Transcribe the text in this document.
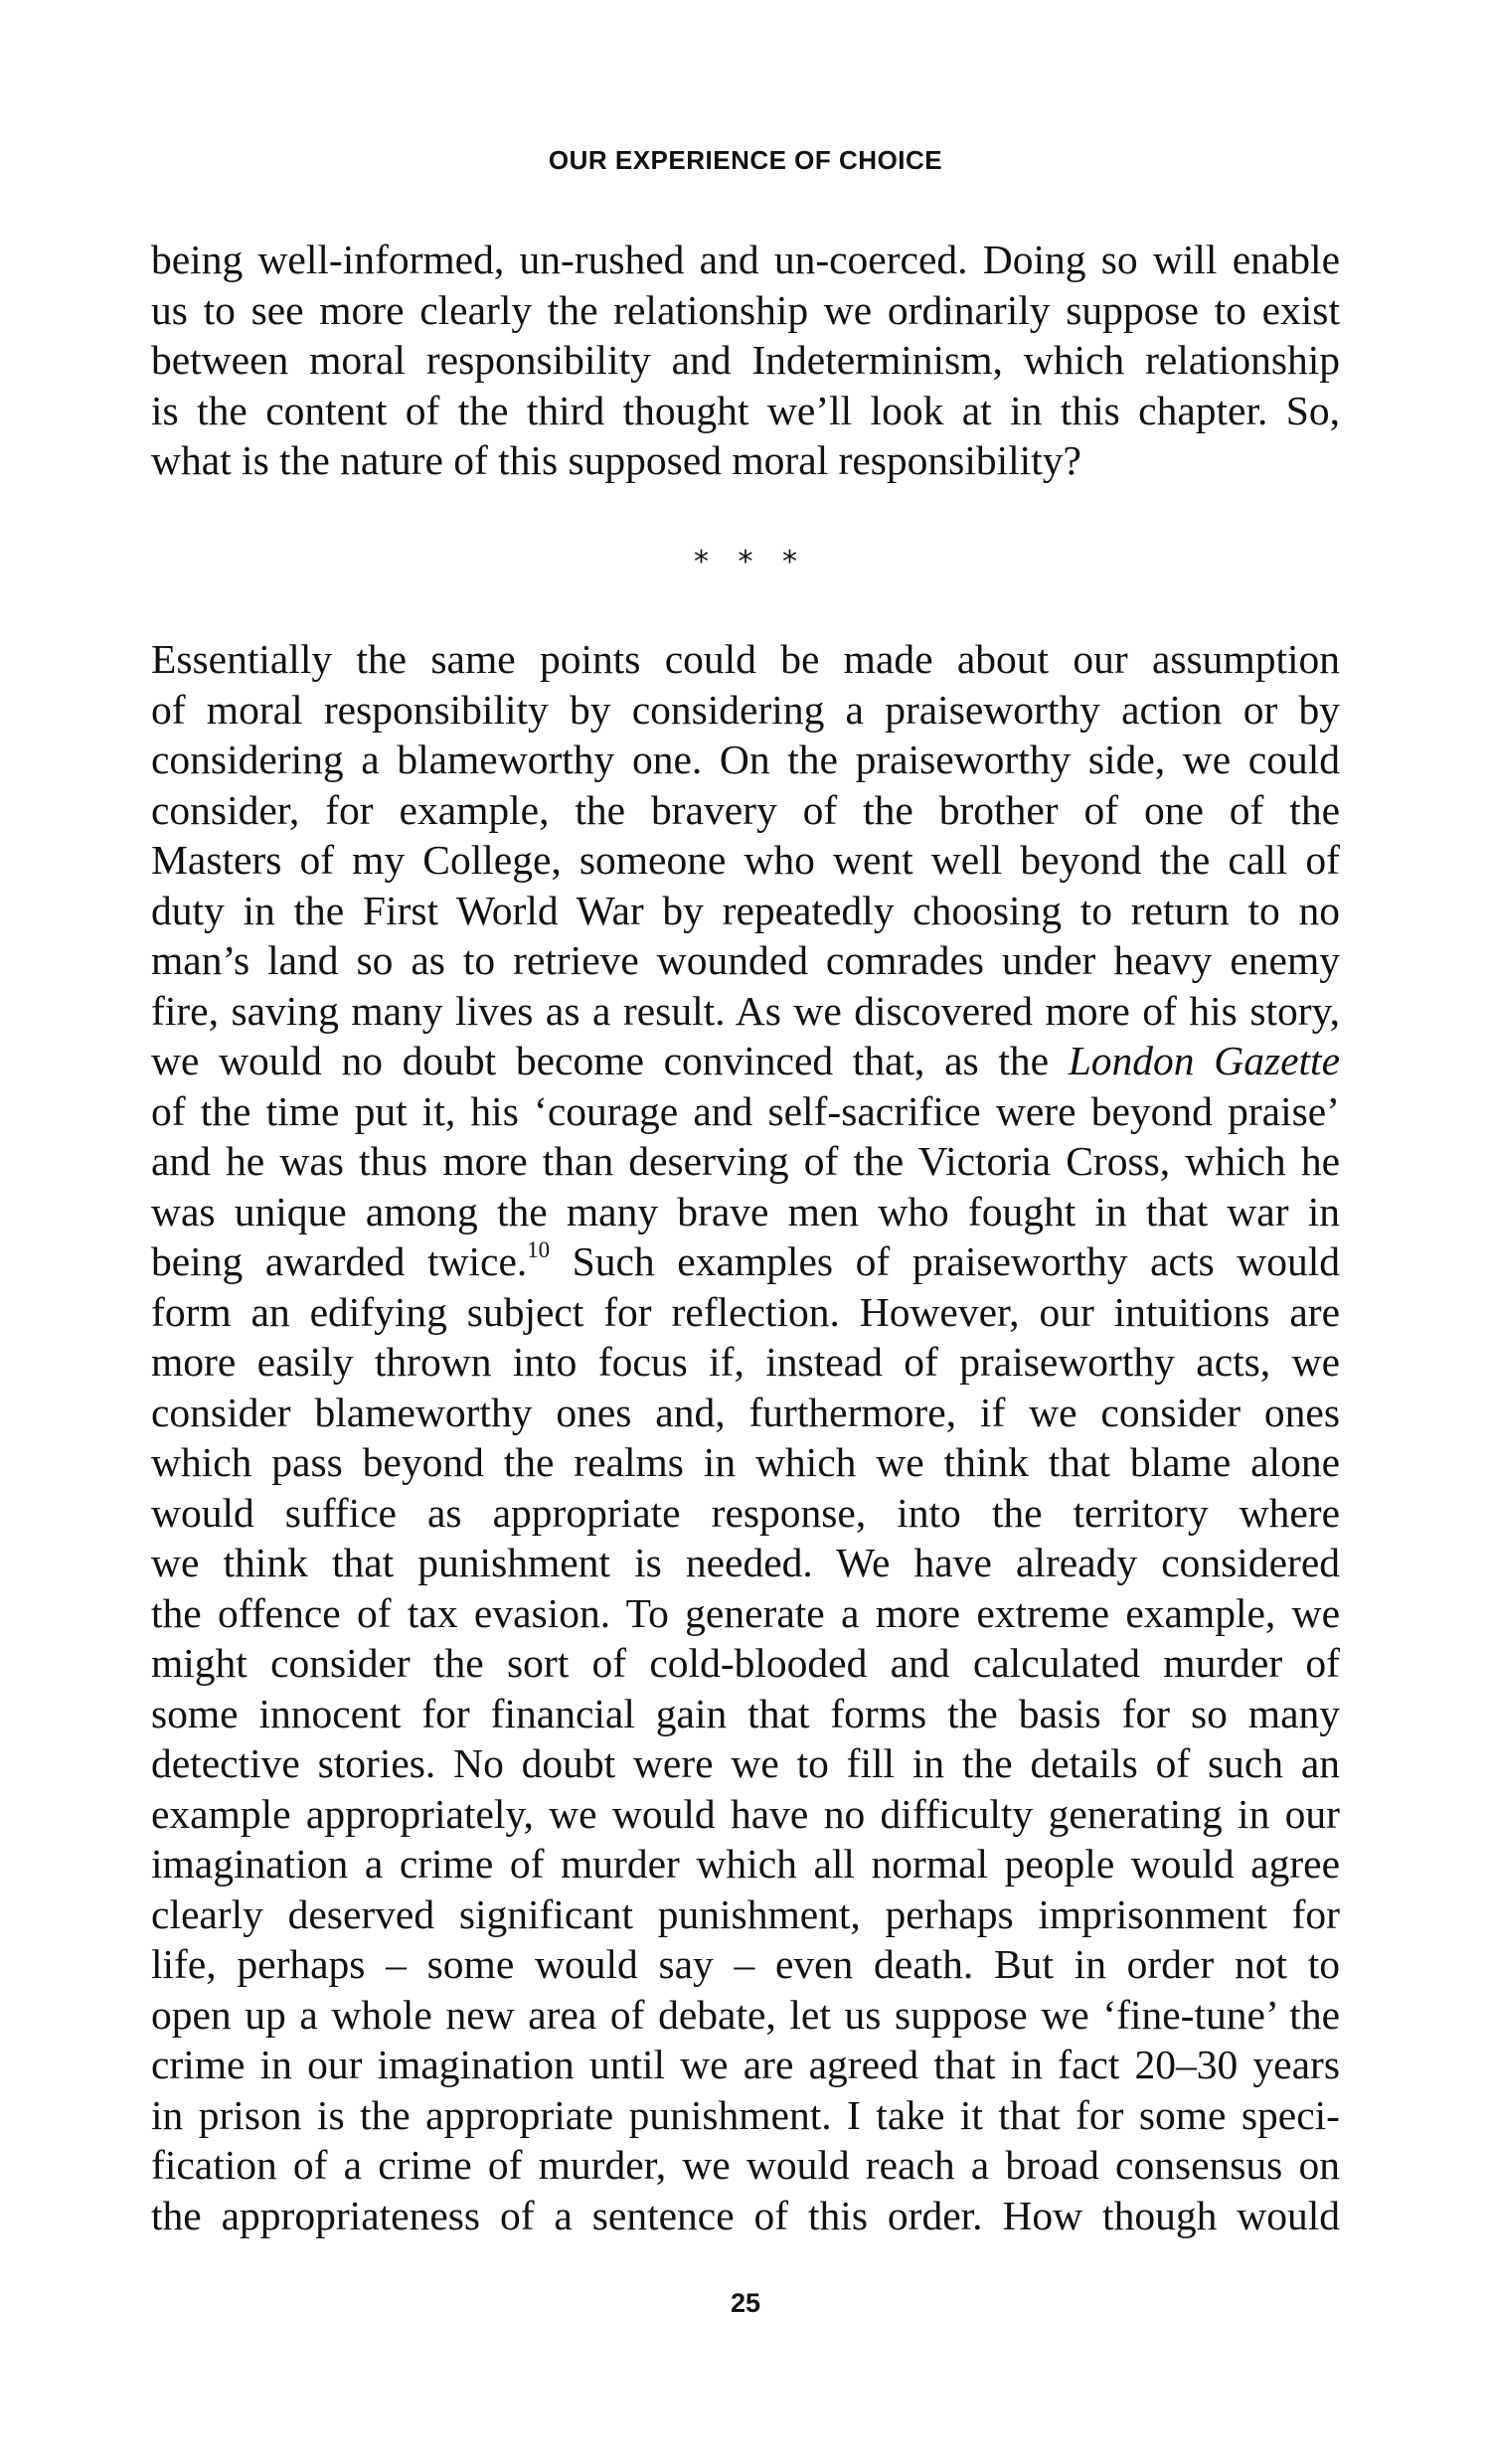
OUR EXPERIENCE OF CHOICE

being well-informed, un-rushed and un-coerced. Doing so will enable
us to see more clearly the relationship we ordinarily suppose to exist
between moral responsibility and Indeterminism, which relationship
is the content of the third thought we’ll look at in this chapter. So,
what is the nature of this supposed moral responsibility?

* * *

Essentially the same points could be made about our assumption
of moral responsibility by considering a praiseworthy action or by
considering a blameworthy one. On the praiseworthy side, we could
consider, for example, the bravery of the brother of one of the
Masters of my College, someone who went well beyond the call of
duty in the First World War by repeatedly choosing to return to no
man’s land so as to retrieve wounded comrades under heavy enemy
fire, saving many lives as a result. As we discovered more of his story,
we would no doubt become convinced that, as the London Gazette
of the time put it, his ‘courage and self-sacrifice were beyond praise’
and he was thus more than deserving of the Victoria Cross, which he
was unique among the many brave men who fought in that war in
being awarded twice.$^{10}$ Such examples of praiseworthy acts would
form an edifying subject for reflection. However, our intuitions are
more easily thrown into focus if, instead of praiseworthy acts, we
consider blameworthy ones and, furthermore, if we consider ones
which pass beyond the realms in which we think that blame alone
would suffice as appropriate response, into the territory where
we think that punishment is needed. We have already considered
the offence of tax evasion. To generate a more extreme example, we
might consider the sort of cold-blooded and calculated murder of
some innocent for financial gain that forms the basis for so many
detective stories. No doubt were we to fill in the details of such an
example appropriately, we would have no difficulty generating in our
imagination a crime of murder which all normal people would agree
clearly deserved significant punishment, perhaps imprisonment for
life, perhaps – some would say – even death. But in order not to
open up a whole new area of debate, let us suppose we ‘fine-tune’ the
crime in our imagination until we are agreed that in fact 20–30 years
in prison is the appropriate punishment. I take it that for some speci-
fication of a crime of murder, we would reach a broad consensus on
the appropriateness of a sentence of this order. How though would

25
